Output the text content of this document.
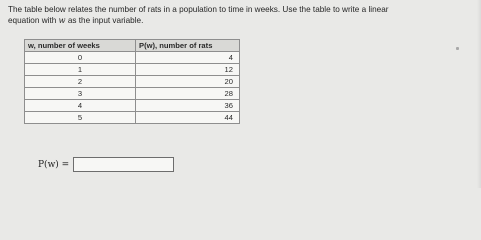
The table below relates the number of rats in a population to time in weeks. Use the table to write a linear
equation with w as the input variable.
w, number of weeks	P(w), number of rats
0	4
1	12
2	20
3	28
4	36
5	44
P(w) =
